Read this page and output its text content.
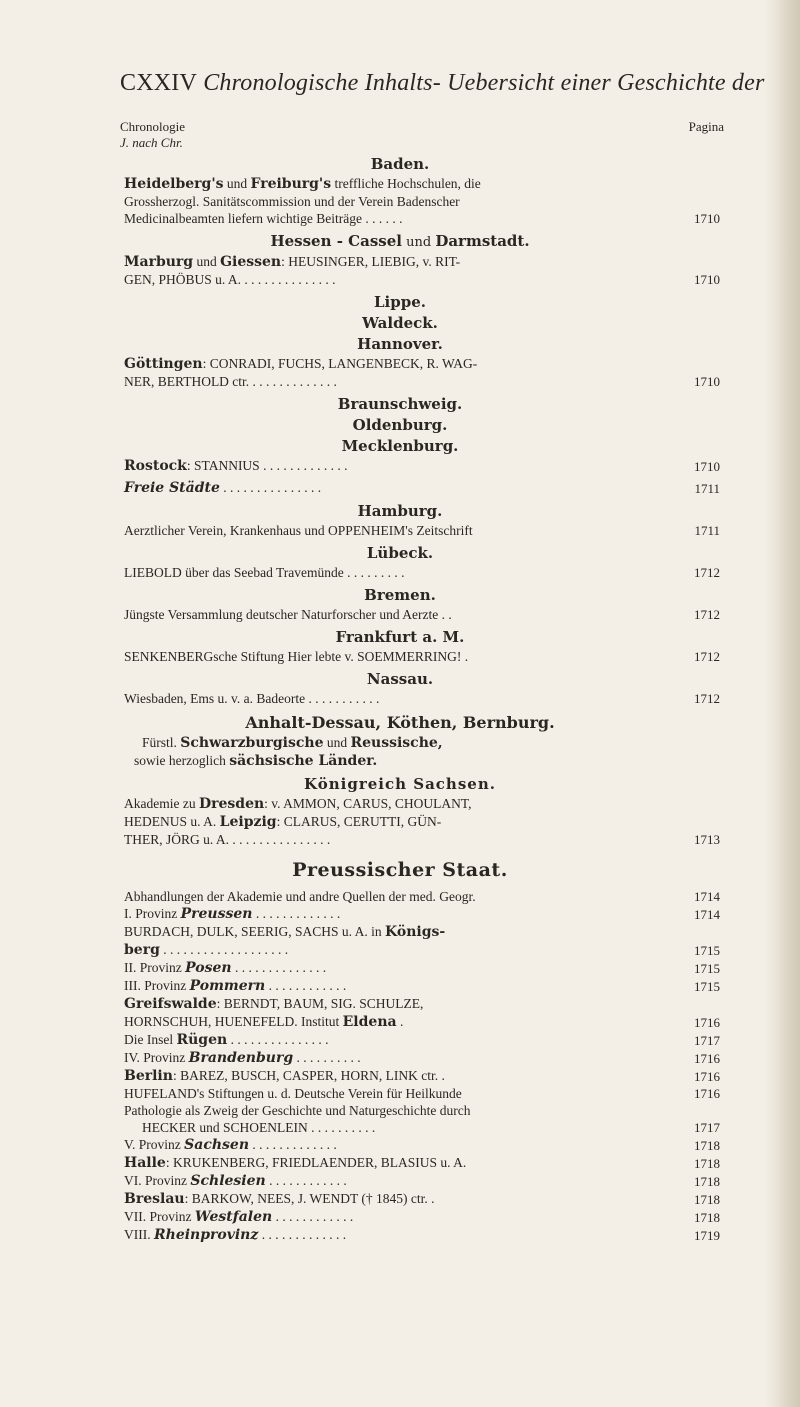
CXXIV Chronologische Inhalts- Uebersicht einer Geschichte der
Chronologie	Pagina
J. nach Chr.
Baden.
Heidelberg's und Freiburg's treffliche Hochschulen, die
Grossherzogl. Sanitätscommission und der Verein Badenscher
Medicinalbeamten liefern wichtige Beiträge . . . . . .	1710
Hessen - Cassel und Darmstadt.
Marburg und Giessen: HEUSINGER, LIEBIG, v. RIT-
GEN, PHÖBUS u. A. . . . . . . . . . . . . . .	1710
Lippe.
Waldeck.
Hannover.
Göttingen: CONRADI, FUCHS, LANGENBECK, R. WAG-
NER, BERTHOLD ctr. . . . . . . . . . . . . .	1710
Braunschweig.
Oldenburg.
Mecklenburg.
Rostock: STANNIUS . . . . . . . . . . . . .	1710
Freie Städte . . . . . . . . . . . . . . .	1711
Hamburg.
Aerztlicher Verein, Krankenhaus und OPPENHEIM's Zeitschrift	1711
Lübeck.
LIEBOLD über das Seebad Travemünde . . . . . . . . .	1712
Bremen.
Jüngste Versammlung deutscher Naturforscher und Aerzte . .	1712
Frankfurt a. M.
SENKENBERGsche Stiftung Hier lebte v. SOEMMERRING! .	1712
Nassau.
Wiesbaden, Ems u. v. a. Badeorte . . . . . . . . . . .	1712
Anhalt-Dessau, Köthen, Bernburg.
Fürstl. Schwarzburgische und Reussische,
sowie herzoglich sächsische Länder.
Königreich Sachsen.
Akademie zu Dresden: v. AMMON, CARUS, CHOULANT,
HEDENUS u. A. Leipzig: CLARUS, CERUTTI, GÜN-
THER, JÖRG u. A. . . . . . . . . . . . . . . .	1713
Preussischer Staat.
Abhandlungen der Akademie und andre Quellen der med. Geogr.	1714
I. Provinz Preussen . . . . . . . . . . . . .	1714
BURDACH, DULK, SEERIG, SACHS u. A. in Königs-
berg . . . . . . . . . . . . . . . . . . .	1715
II. Provinz Posen . . . . . . . . . . . . . .	1715
III. Provinz Pommern . . . . . . . . . . . .	1715
Greifswalde: BERNDT, BAUM, SIG. SCHULZE,
HORNSCHUH, HUENEFELD. Institut Eldena .	1716
Die Insel Rügen . . . . . . . . . . . . . . .	1717
IV. Provinz Brandenburg . . . . . . . . . .	1716
Berlin: BAREZ, BUSCH, CASPER, HORN, LINK ctr. .	1716
HUFELAND's Stiftungen u. d. Deutsche Verein für Heilkunde	1716
Pathologie als Zweig der Geschichte und Naturgeschichte durch
HECKER und SCHOENLEIN . . . . . . . . . .	1717
V. Provinz Sachsen . . . . . . . . . . . . .	1718
Halle: KRUKENBERG, FRIEDLAENDER, BLASIUS u. A.	1718
VI. Provinz Schlesien . . . . . . . . . . . .	1718
Breslau: BARKOW, NEES, J. WENDT († 1845) ctr. .	1718
VII. Provinz Westfalen . . . . . . . . . . . .	1718
VIII. Rheinprovinz . . . . . . . . . . . . .	1719
